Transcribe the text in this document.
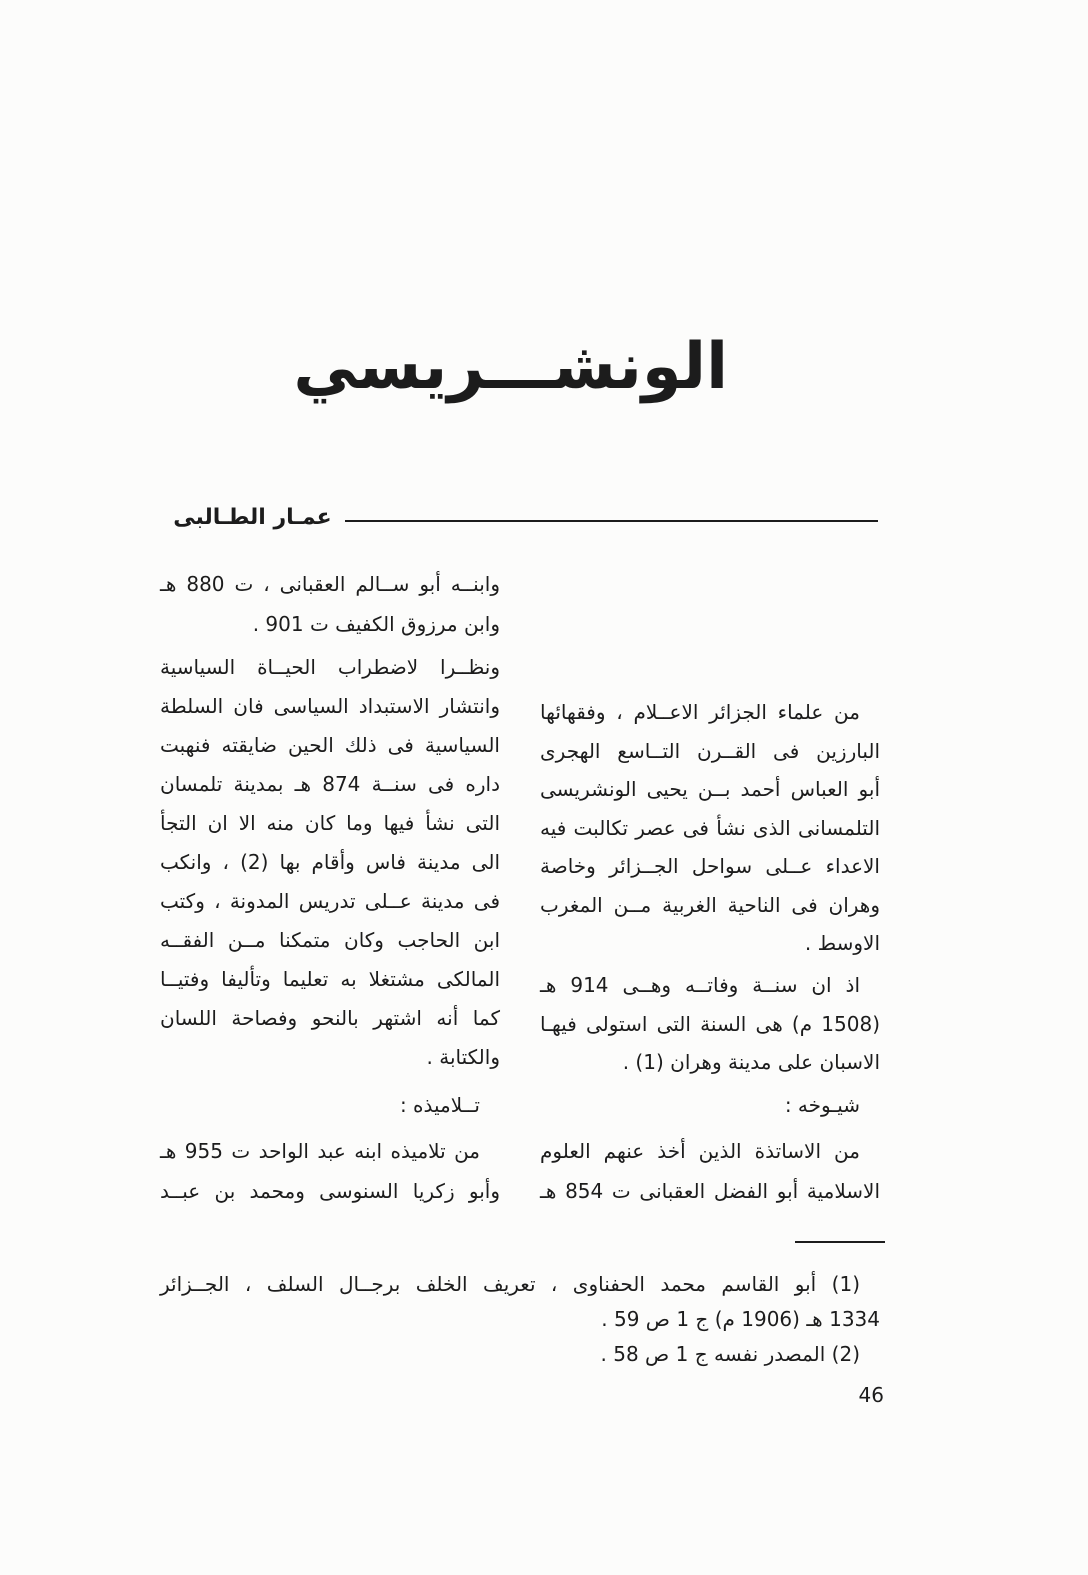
الونشـــريسي
عمـار الطـالبى
من علماء الجزائر الاعــلام ، وفقهائها
البارزين فى القــرن التــاسع الهجرى
أبو العباس أحمد بــن يحيى الونشريسى
التلمسانى الذى نشأ فى عصر تكالبت فيه
الاعداء عــلى سواحل الجــزائر وخاصة
وهران فى الناحية الغربية مــن المغرب
الاوسط .
اذ ان سنــة وفاتــه وهــى 914 هـ
(1508 م) هى السنة التى استولى فيهـا
الاسبان على مدينة وهران (1) .
شيـوخه :
من الاساتذة الذين أخذ عنهم العلوم
الاسلامية أبو الفضل العقبانى ت 854 هـ
وابنــه أبو ســالم العقبانى ، ت 880 هـ
وابن مرزوق الكفيف ت 901 .
ونظــرا لاضطراب الحيــاة السياسية
وانتشار الاستبداد السياسى فان السلطة
السياسية فى ذلك الحين ضايقته فنهبت
داره فى سنــة 874 هـ بمدينة تلمسان
التى نشأ فيها وما كان منه الا ان التجأ
الى مدينة فاس وأقام بها (2) ، وانكب
فى مدينة عــلى تدريس المدونة ، وكتب
ابن الحاجب وكان متمكنا مــن الفقــه
المالكى مشتغلا به تعليما وتأليفا وفتيــا
كما أنه اشتهر بالنحو وفصاحة اللسان
والكتابة .
تــلاميذه :
من تلاميذه ابنه عبد الواحد ت 955 هـ
وأبو زكريا السنوسى ومحمد بن عبــد
(1) أبو القاسم محمد الحفناوى ، تعريف الخلف برجــال السلف ، الجــزائر
1334 هـ (1906 م) ج 1 ص 59 .
(2) المصدر نفسه ج 1 ص 58 .
46
